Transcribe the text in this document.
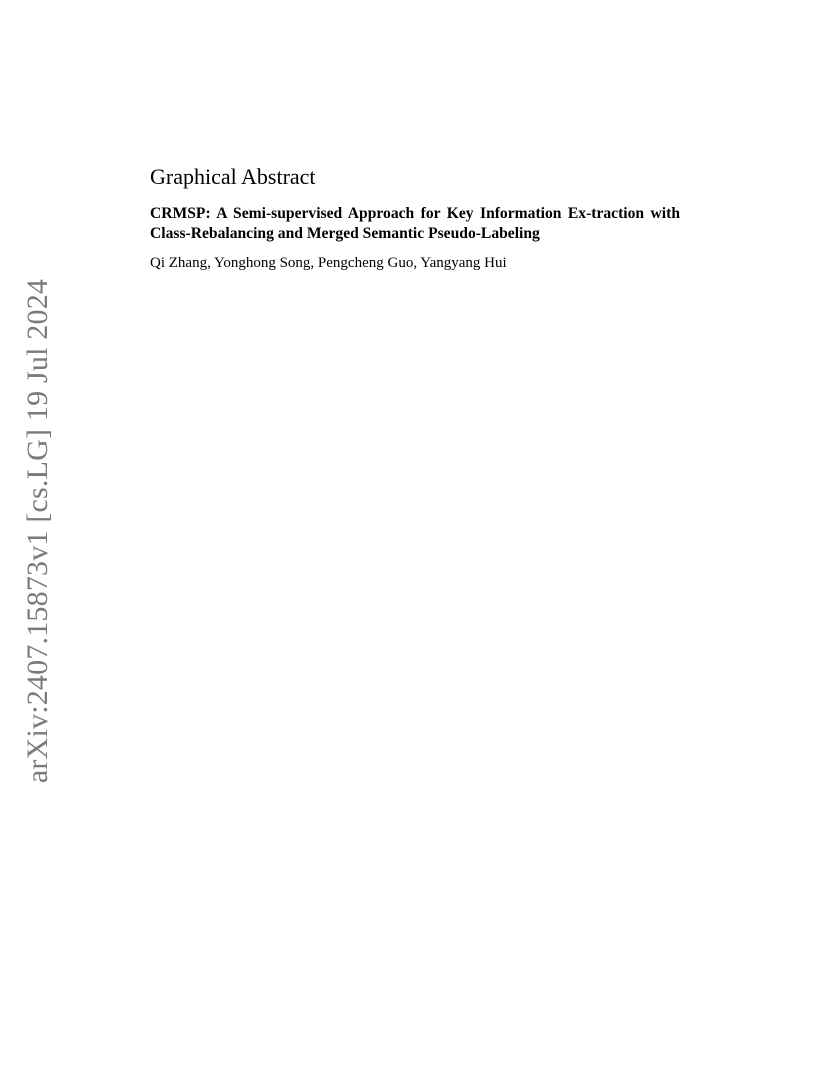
arXiv:2407.15873v1 [cs.LG] 19 Jul 2024
Graphical Abstract
CRMSP: A Semi-supervised Approach for Key Information Ex-traction with Class-Rebalancing and Merged Semantic Pseudo-Labeling

Qi Zhang, Yonghong Song, Pengcheng Guo, Yangyang Hui
